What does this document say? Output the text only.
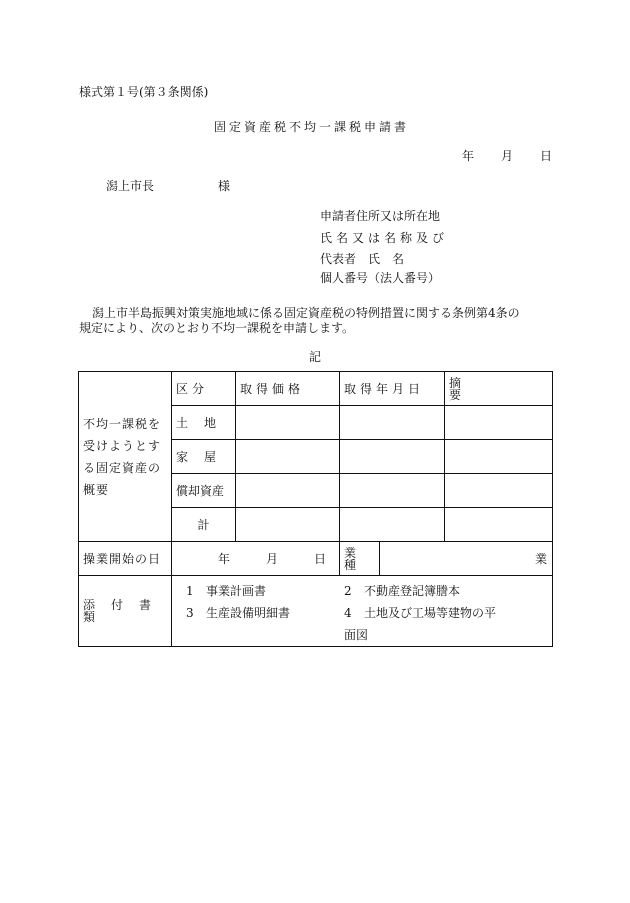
様式第１号(第３条関係)
固定資産税不均一課税申請書
年 月 日
潟上市長	様
申請者住所又は所在地
氏名又は名称及び
代表者　氏　名
個人番号（法人番号）
潟上市半島振興対策実施地域に係る固定資産税の特例措置に関する条例第4条の
規定により、次のとおり不均一課税を申請します。
記
不均一課税を受けようとする固定資産の概要	区分	取得価格	取得年月日		摘要
	土地				
	家屋				
	償却資産				
	計				
操業開始の日	年 月 日		業種	業	
添付書類	1 事業計画書 2 不動産登記簿謄本
3 生産設備明細書 4 土地及び工場等建物の平面図				
